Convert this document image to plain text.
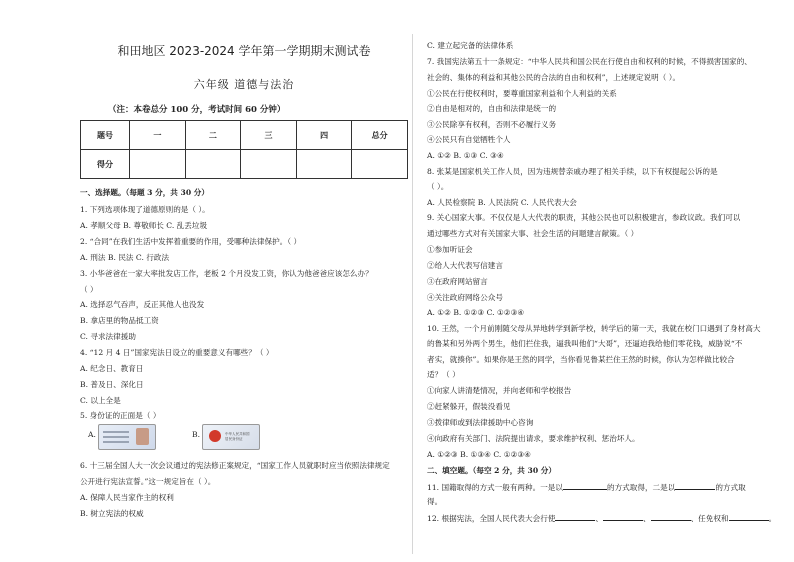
和田地区 2023-2024 学年第一学期期末测试卷
六年级 道德与法治
（注：本卷总分 100 分，考试时间 60 分钟）
题号	一	二	三	四	总分
得分					
一、选择题。（每题 3 分，共 30 分）
1. 下列选项体现了道德原则的是（ ）。
A. 孝顺父母 B. 尊敬师长 C. 乱丢垃圾
2. “合同”在我们生活中发挥着重要的作用，受哪种法律保护。（ ）
A. 刑法 B. 民法 C. 行政法
3. 小华爸爸在一家大率批发店工作，老板 2 个月没发工资，你认为他爸爸应该怎么办？
（ ）
A. 选择忍气吞声，反正其他人也没发
B. 拿店里的物品抵工资
C. 寻求法律援助
4. “12 月 4 日”国家宪法日设立的重要意义有哪些？（ ）
A. 纪念日、教育日
B. 普及日、深化日
C. 以上全是
5. 身份证的正面是（ ）
A.	B.	中华人民共和国
居民身份证
6. 十三届全国人大一次会议通过的宪法修正案规定，“国家工作人员就职时应当依照法律规定
公开进行宪法宣誓。”这一规定旨在（ ）。
A. 保障人民当家作主的权利
B. 树立宪法的权威
C. 建立起完备的法律体系
7. 我国宪法第五十一条规定：“中华人民共和国公民在行使自由和权利的时候，不得损害国家的、
社会的、集体的利益和其他公民的合法的自由和权利”，上述规定说明（ ）。
①公民在行使权利时，要尊重国家利益和个人利益的关系
②自由是相对的，自由和法律是统一的
③公民除享有权利，否则不必履行义务
④公民只有自觉牺牲个人
A. ①② B. ①③ C. ③④
8. 张某是国家机关工作人员，因为违规替亲戚办理了相关手续，以下有权提起公诉的是
（ ）。
A. 人民检察院 B. 人民法院 C. 人民代表大会
9. 关心国家大事。不仅仅是人大代表的职责，其他公民也可以积极建言，参政议政。我们可以
通过哪些方式对有关国家大事、社会生活的问题建言献策。（ ）
①参加听证会
②给人大代表写信建言
③在政府网站留言
④关注政府网络公众号
A. ①② B. ①②③ C. ①②③④
10. 王然，一个月前刚随父母从异地转学到新学校，转学后的第一天，我就在校门口遇到了身材高大
的鲁某和另外两个男生，他们拦住我，逼我叫他们“大哥”，还逼迫我给他们零花钱，威胁说“不
者实，就揍你”。如果你是王然的同学，当你看见鲁某拦住王然的时候，你认为怎样做比较合
适？（ ）
①向家人讲清楚情况，并向老师和学校报告
②赶紧躲开，假装没看见
③拨律师或到法律援助中心咨询
④向政府有关部门、法院提出请求，要求维护权利、惩治坏人。
A. ①②③ B. ①③④ C. ①②③④
二、填空题。（每空 2 分，共 30 分）
11. 国籍取得的方式一般有两种。一是以	的方式取得，二是以	的方式取
得。
12. 根据宪法，全国人民代表大会行使	、	、	、任免权和	。
